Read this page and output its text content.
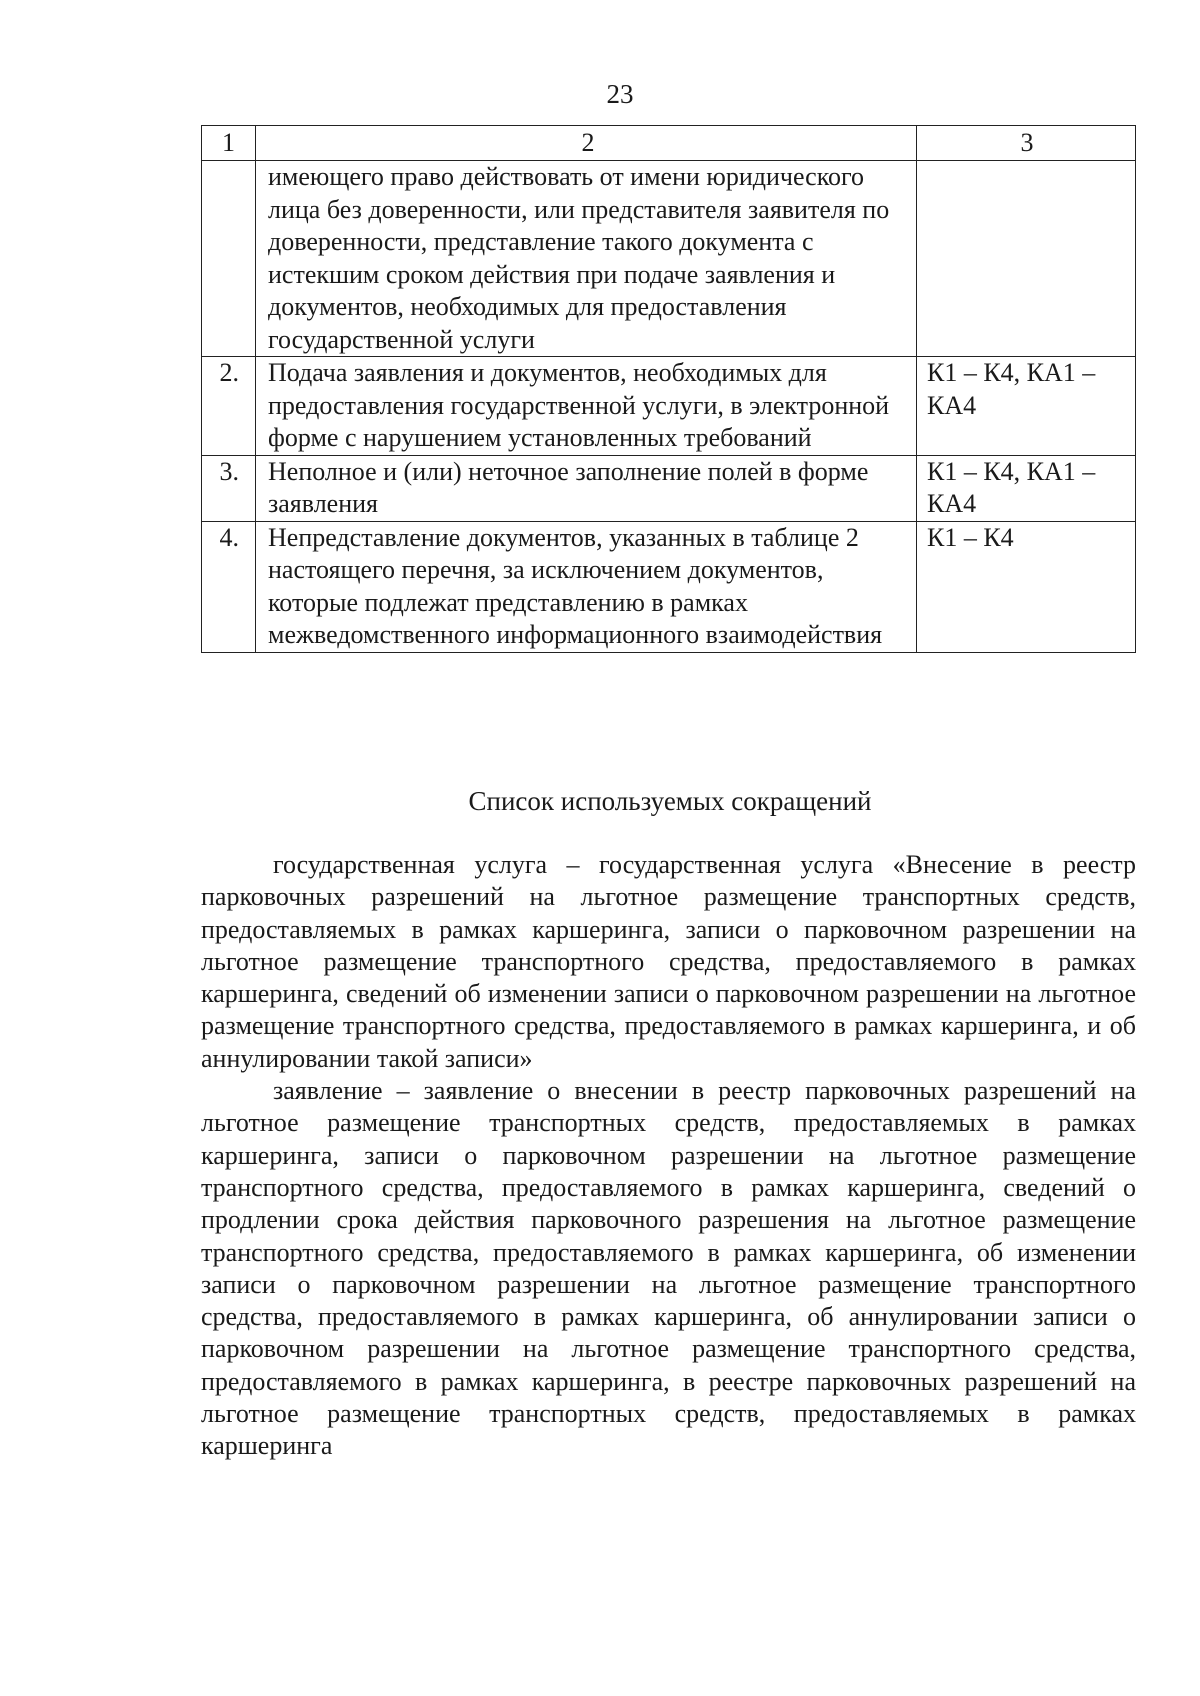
23
1	2	3
	имеющего право действовать от имени юридического лица без доверенности, или представителя заявителя по доверенности, представление такого документа с истекшим сроком действия при подаче заявления и документов, необходимых для предоставления государственной услуги	
2.	Подача заявления и документов, необходимых для предоставления государственной услуги, в электронной форме с нарушением установленных требований	К1 – К4, КА1 – КА4
3.	Неполное и (или) неточное заполнение полей в форме заявления	К1 – К4, КА1 – КА4
4.	Непредставление документов, указанных в таблице 2 настоящего перечня, за исключением документов, которые подлежат представлению в рамках межведомственного информационного взаимодействия	К1 – К4
Список используемых сокращений

государственная услуга – государственная услуга «Внесение в реестр парковочных разрешений на льготное размещение транспортных средств, предоставляемых в рамках каршеринга, записи о парковочном разрешении на льготное размещение транспортного средства, предоставляемого в рамках каршеринга, сведений об изменении записи о парковочном разрешении на льготное размещение транспортного средства, предоставляемого в рамках каршеринга, и об аннулировании такой записи»

заявление – заявление о внесении в реестр парковочных разрешений на льготное размещение транспортных средств, предоставляемых в рамках каршеринга, записи о парковочном разрешении на льготное размещение транспортного средства, предоставляемого в рамках каршеринга, сведений о продлении срока действия парковочного разрешения на льготное размещение транспортного средства, предоставляемого в рамках каршеринга, об изменении записи о парковочном разрешении на льготное размещение транспортного средства, предоставляемого в рамках каршеринга, об аннулировании записи о парковочном разрешении на льготное размещение транспортного средства, предоставляемого в рамках каршеринга, в реестре парковочных разрешений на льготное размещение транспортных средств, предоставляемых в рамках каршеринга
